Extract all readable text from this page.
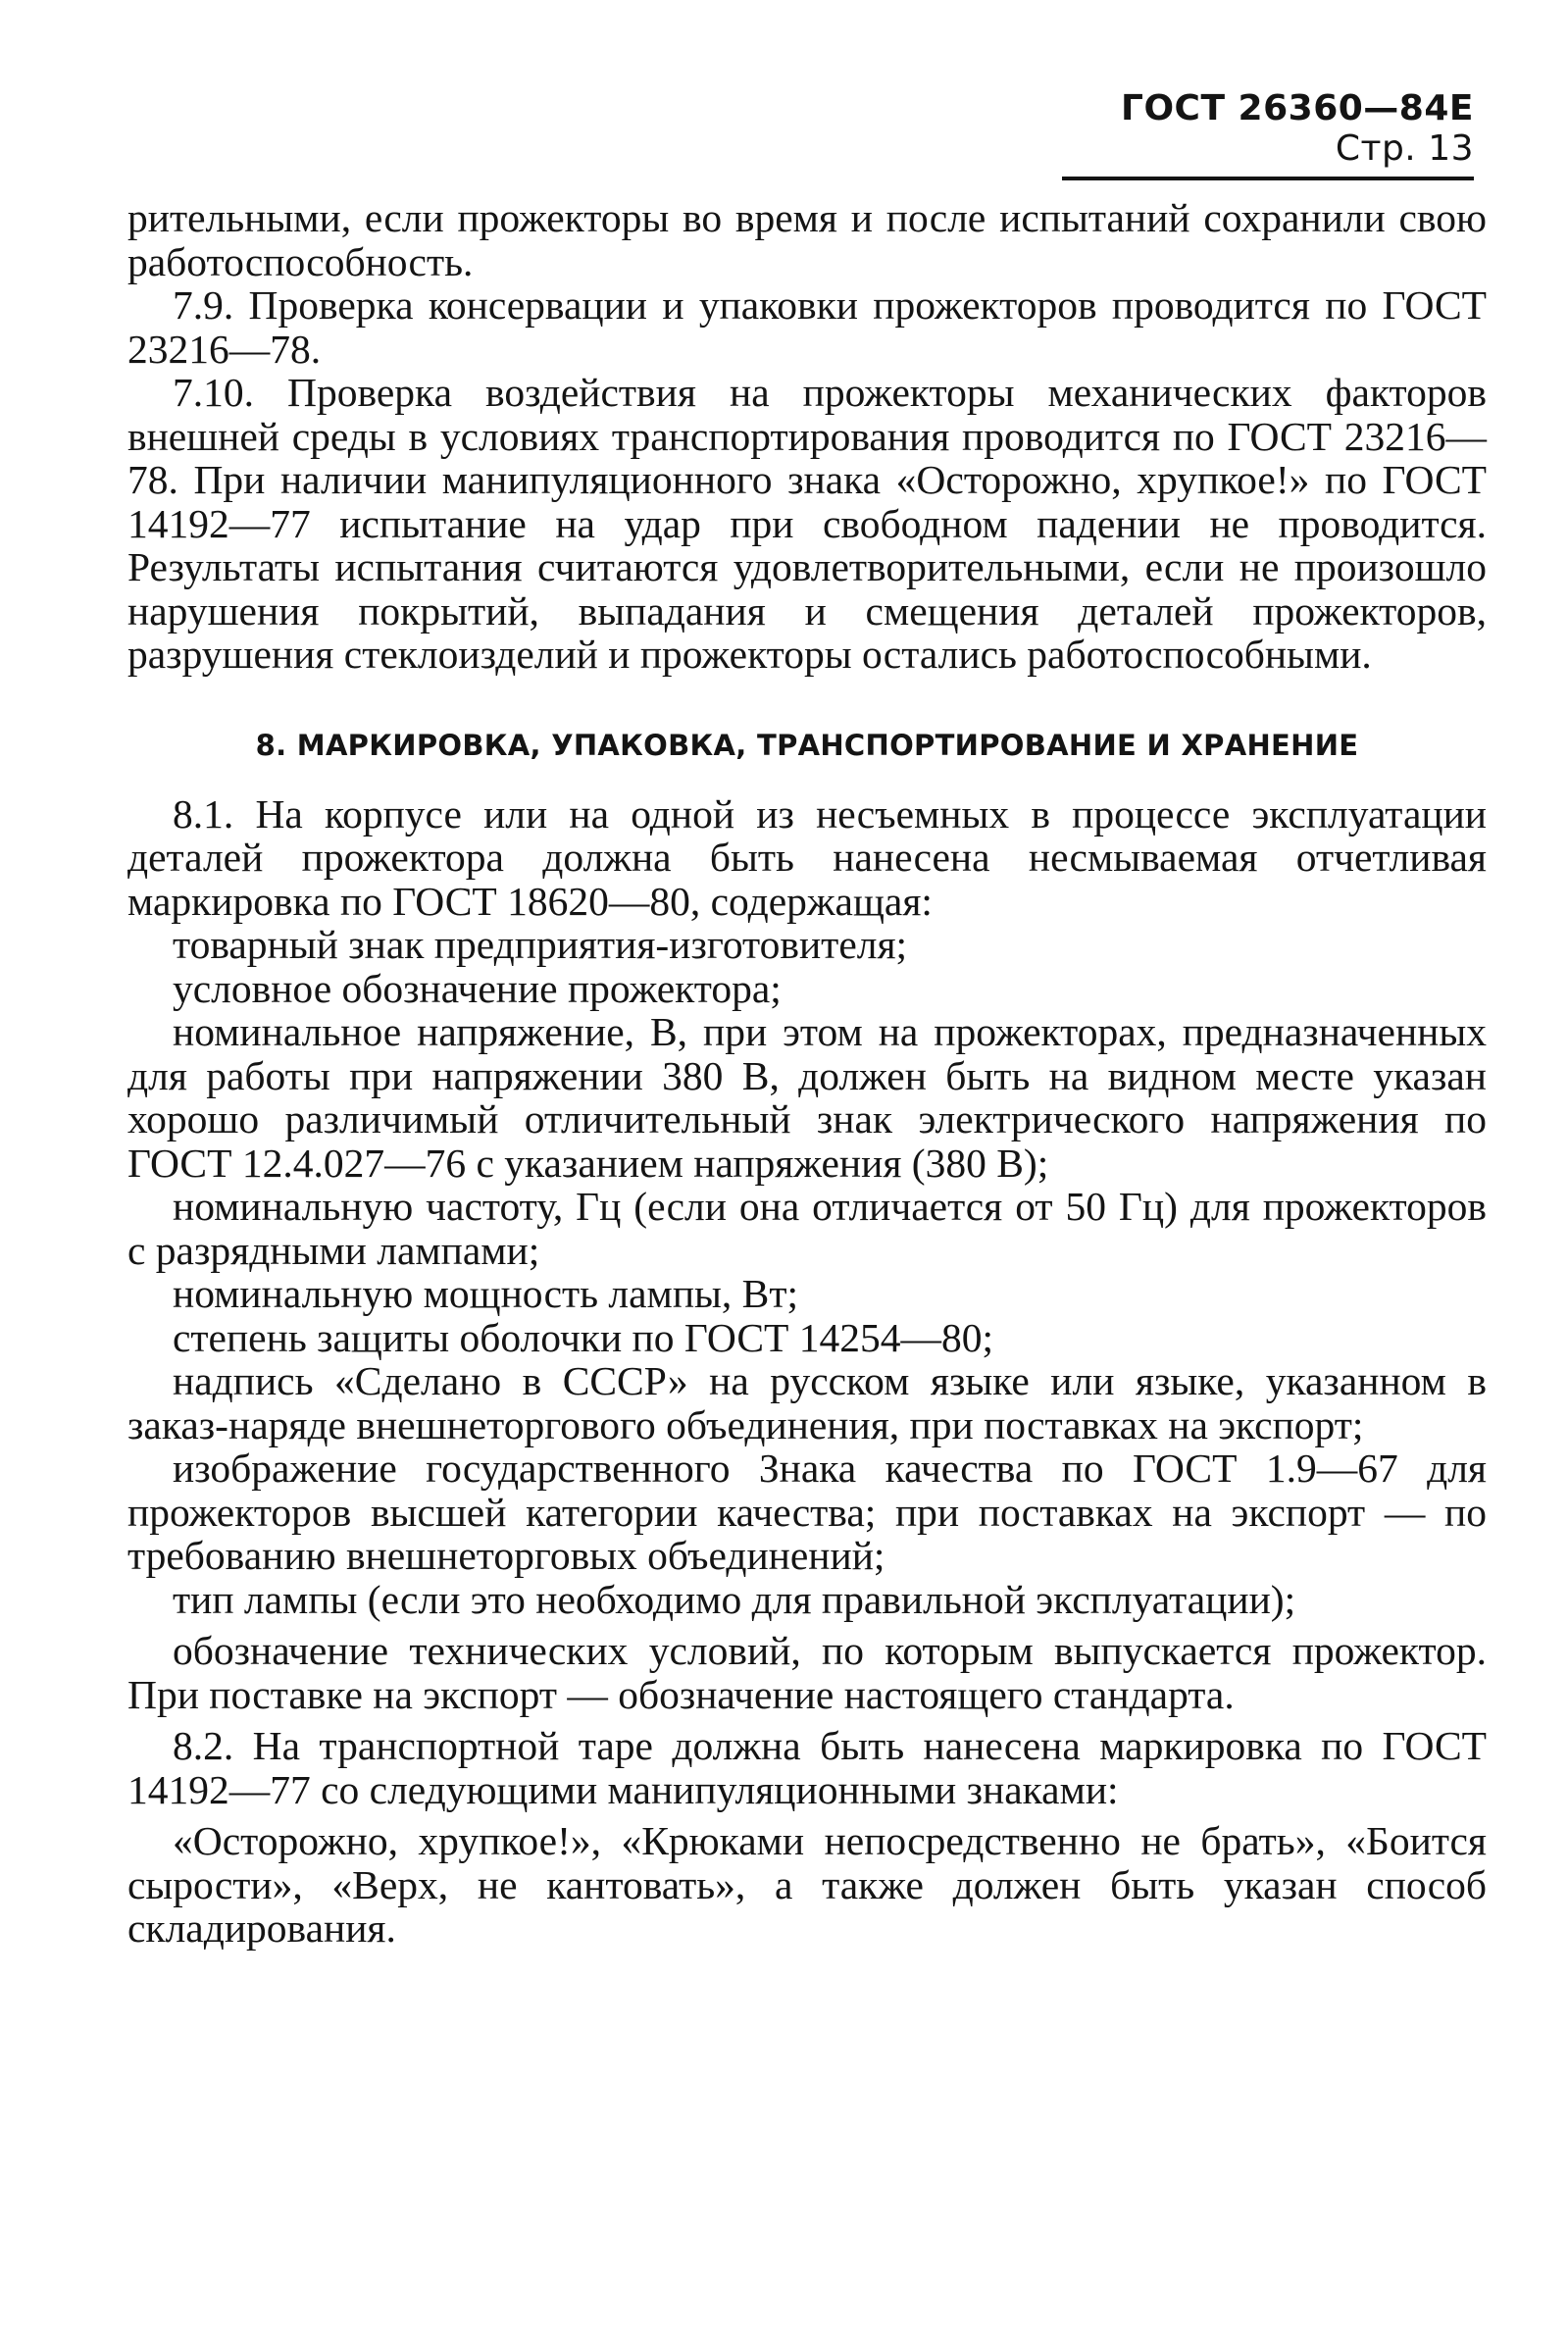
ГОСТ 26360—84Е Стр. 13

рительными, если прожекторы во время и после испытаний сохранили свою работоспособность.

7.9. Проверка консервации и упаковки прожекторов проводится по ГОСТ 23216—78.

7.10. Проверка воздействия на прожекторы механических факторов внешней среды в условиях транспортирования проводится по ГОСТ 23216—78. При наличии манипуляционного знака «Осторожно, хрупкое!» по ГОСТ 14192—77 испытание на удар при свободном падении не проводится. Результаты испытания считаются удовлетворительными, если не произошло нарушения покрытий, выпадания и смещения деталей прожекторов, разрушения стеклоизделий и прожекторы остались работоспособными.

8. МАРКИРОВКА, УПАКОВКА, ТРАНСПОРТИРОВАНИЕ И ХРАНЕНИЕ

8.1. На корпусе или на одной из несъемных в процессе эксплуатации деталей прожектора должна быть нанесена несмываемая отчетливая маркировка по ГОСТ 18620—80, содержащая:

товарный знак предприятия-изготовителя;

условное обозначение прожектора;

номинальное напряжение, В, при этом на прожекторах, предназначенных для работы при напряжении 380 В, должен быть на видном месте указан хорошо различимый отличительный знак электрического напряжения по ГОСТ 12.4.027—76 с указанием напряжения (380 В);

номинальную частоту, Гц (если она отличается от 50 Гц) для прожекторов с разрядными лампами;

номинальную мощность лампы, Вт;

степень защиты оболочки по ГОСТ 14254—80;

надпись «Сделано в СССР» на русском языке или языке, указанном в заказ-наряде внешнеторгового объединения, при поставках на экспорт;

изображение государственного Знака качества по ГОСТ 1.9—67 для прожекторов высшей категории качества; при поставках на экспорт — по требованию внешнеторговых объединений;

тип лампы (если это необходимо для правильной эксплуатации);

обозначение технических условий, по которым выпускается прожектор. При поставке на экспорт — обозначение настоящего стандарта.

8.2. На транспортной таре должна быть нанесена маркировка по ГОСТ 14192—77 со следующими манипуляционными знаками:

«Осторожно, хрупкое!», «Крюками непосредственно не брать», «Боится сырости», «Верх, не кантовать», а также должен быть указан способ складирования.
